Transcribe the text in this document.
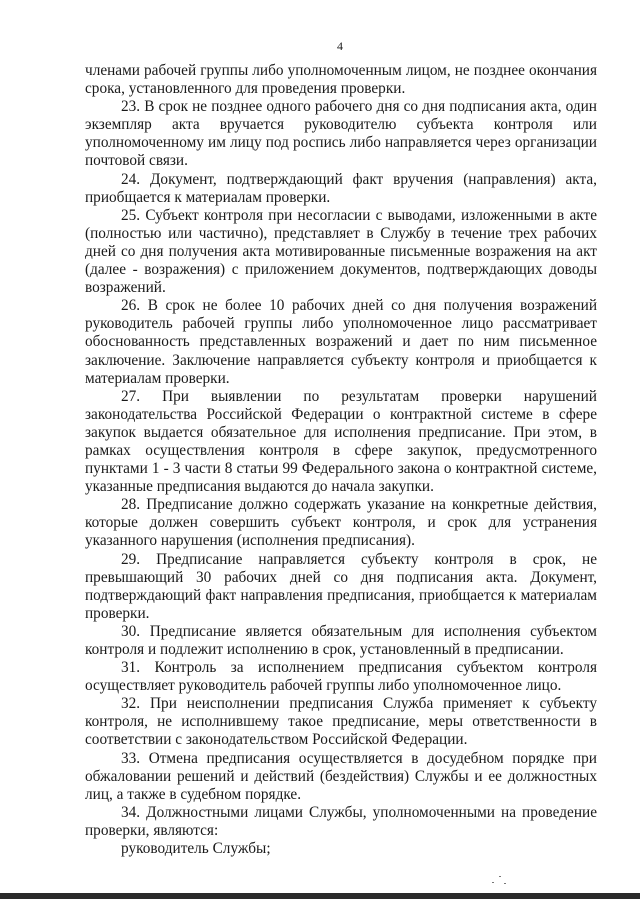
4

членами рабочей группы либо уполномоченным лицом, не позднее окончания срока, установленного для проведения проверки.

23. В срок не позднее одного рабочего дня со дня подписания акта, один экземпляр акта вручается руководителю субъекта контроля или уполномоченному им лицу под роспись либо направляется через организации почтовой связи.

24. Документ, подтверждающий факт вручения (направления) акта, приобщается к материалам проверки.

25. Субъект контроля при несогласии с выводами, изложенными в акте (полностью или частично), представляет в Службу в течение трех рабочих дней со дня получения акта мотивированные письменные возражения на акт (далее - возражения) с приложением документов, подтверждающих доводы возражений.

26. В срок не более 10 рабочих дней со дня получения возражений руководитель рабочей группы либо уполномоченное лицо рассматривает обоснованность представленных возражений и дает по ним письменное заключение. Заключение направляется субъекту контроля и приобщается к материалам проверки.

27. При выявлении по результатам проверки нарушений законодательства Российской Федерации о контрактной системе в сфере закупок выдается обязательное для исполнения предписание. При этом, в рамках осуществления контроля в сфере закупок, предусмотренного пунктами 1 - 3 части 8 статьи 99 Федерального закона о контрактной системе, указанные предписания выдаются до начала закупки.

28. Предписание должно содержать указание на конкретные действия, которые должен совершить субъект контроля, и срок для устранения указанного нарушения (исполнения предписания).

29. Предписание направляется субъекту контроля в срок, не превышающий 30 рабочих дней со дня подписания акта. Документ, подтверждающий факт направления предписания, приобщается к материалам проверки.

30. Предписание является обязательным для исполнения субъектом контроля и подлежит исполнению в срок, установленный в предписании.

31. Контроль за исполнением предписания субъектом контроля осуществляет руководитель рабочей группы либо уполномоченное лицо.

32. При неисполнении предписания Служба применяет к субъекту контроля, не исполнившему такое предписание, меры ответственности в соответствии с законодательством Российской Федерации.

33. Отмена предписания осуществляется в досудебном порядке при обжаловании решений и действий (бездействия) Службы и ее должностных лиц, а также в судебном порядке.

34. Должностными лицами Службы, уполномоченными на проведение проверки, являются:

руководитель Службы;
